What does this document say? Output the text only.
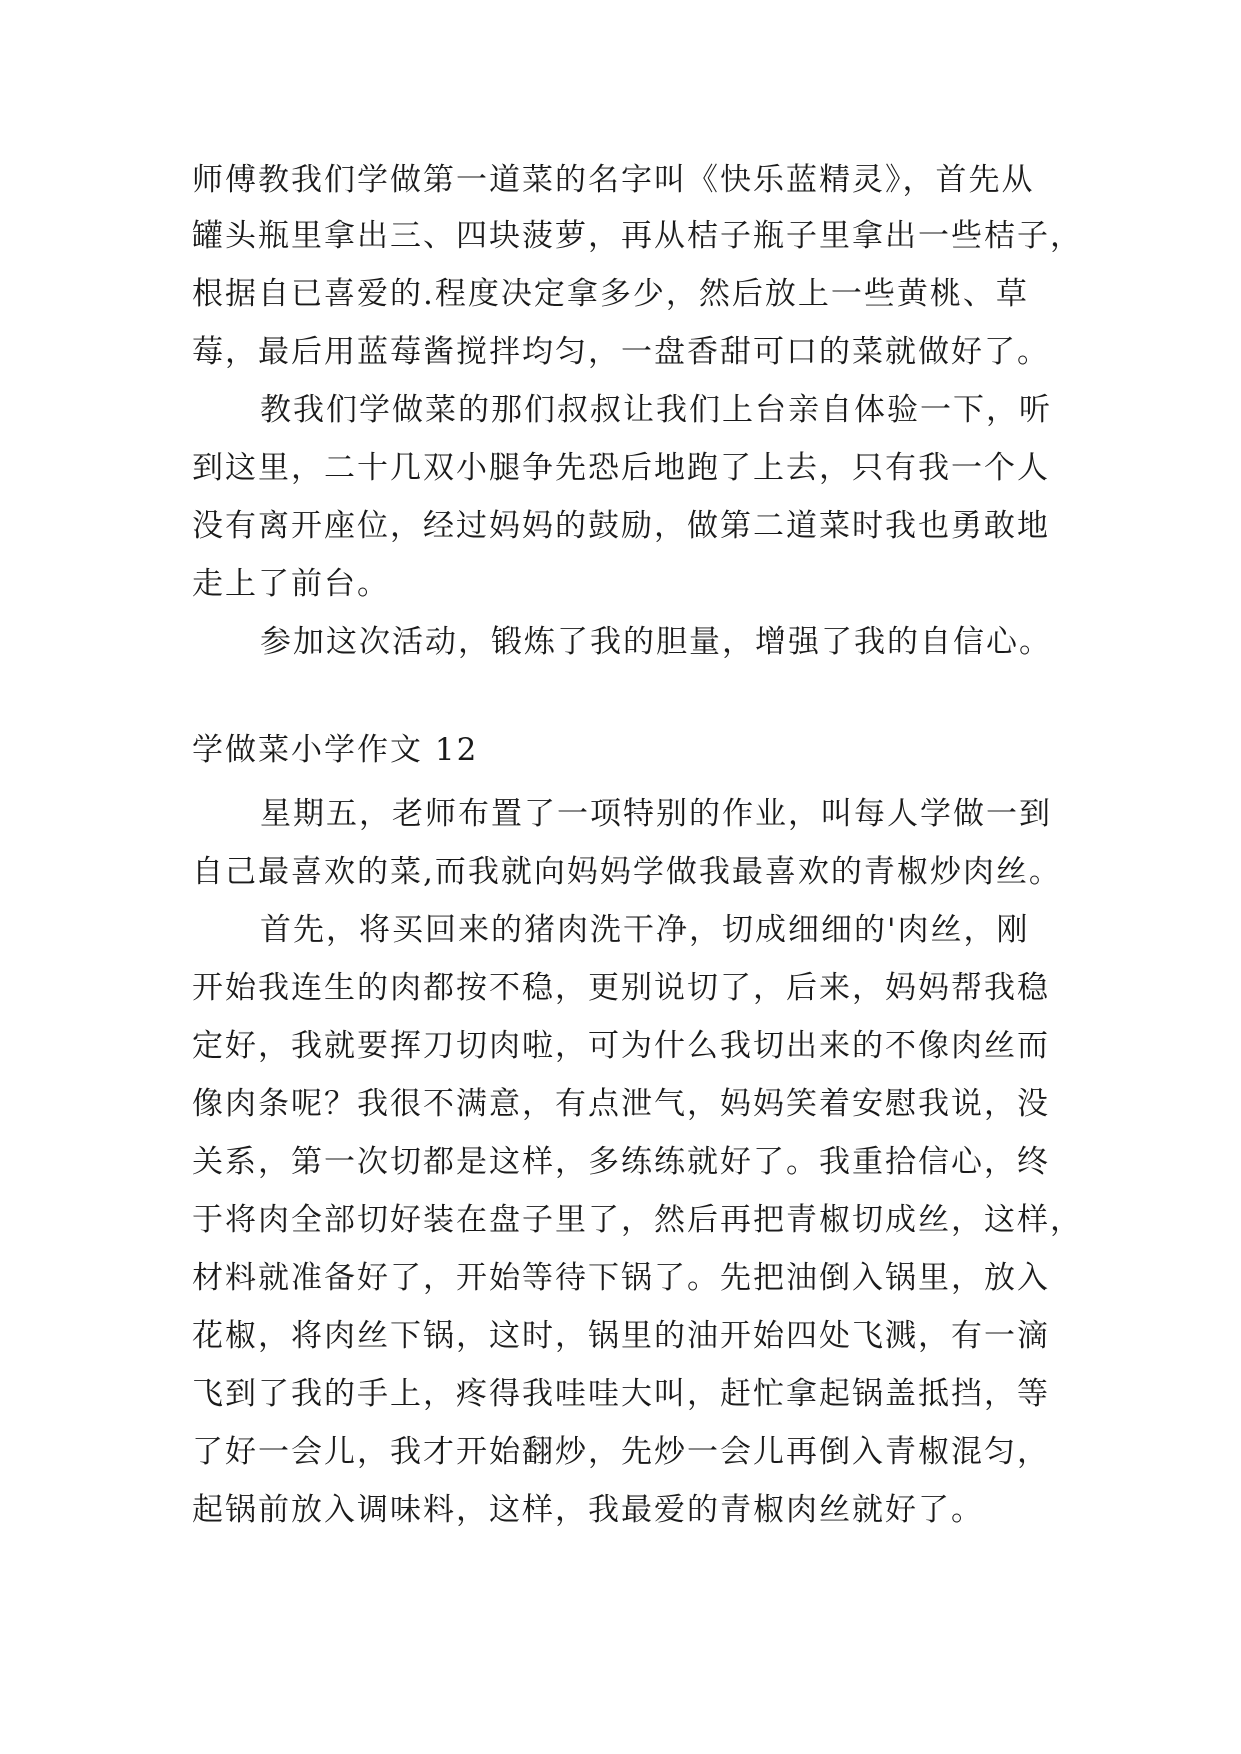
师傅教我们学做第一道菜的名字叫《快乐蓝精灵》，首先从
罐头瓶里拿出三、四块菠萝，再从桔子瓶子里拿出一些桔子，
根据自已喜爱的.程度决定拿多少，然后放上一些黄桃、草
莓，最后用蓝莓酱搅拌均匀，一盘香甜可口的菜就做好了。
教我们学做菜的那们叔叔让我们上台亲自体验一下，听
到这里，二十几双小腿争先恐后地跑了上去，只有我一个人
没有离开座位，经过妈妈的鼓励，做第二道菜时我也勇敢地
走上了前台。
参加这次活动，锻炼了我的胆量，增强了我的自信心。
学做菜小学作文 12
星期五，老师布置了一项特别的作业，叫每人学做一到
自己最喜欢的菜,而我就向妈妈学做我最喜欢的青椒炒肉丝。
首先，将买回来的猪肉洗干净，切成细细的'肉丝，刚
开始我连生的肉都按不稳，更别说切了，后来，妈妈帮我稳
定好，我就要挥刀切肉啦，可为什么我切出来的不像肉丝而
像肉条呢？我很不满意，有点泄气，妈妈笑着安慰我说，没
关系，第一次切都是这样，多练练就好了。我重拾信心，终
于将肉全部切好装在盘子里了，然后再把青椒切成丝，这样，
材料就准备好了，开始等待下锅了。先把油倒入锅里，放入
花椒，将肉丝下锅，这时，锅里的油开始四处飞溅，有一滴
飞到了我的手上，疼得我哇哇大叫，赶忙拿起锅盖抵挡，等
了好一会儿，我才开始翻炒，先炒一会儿再倒入青椒混匀，
起锅前放入调味料，这样，我最爱的青椒肉丝就好了。
